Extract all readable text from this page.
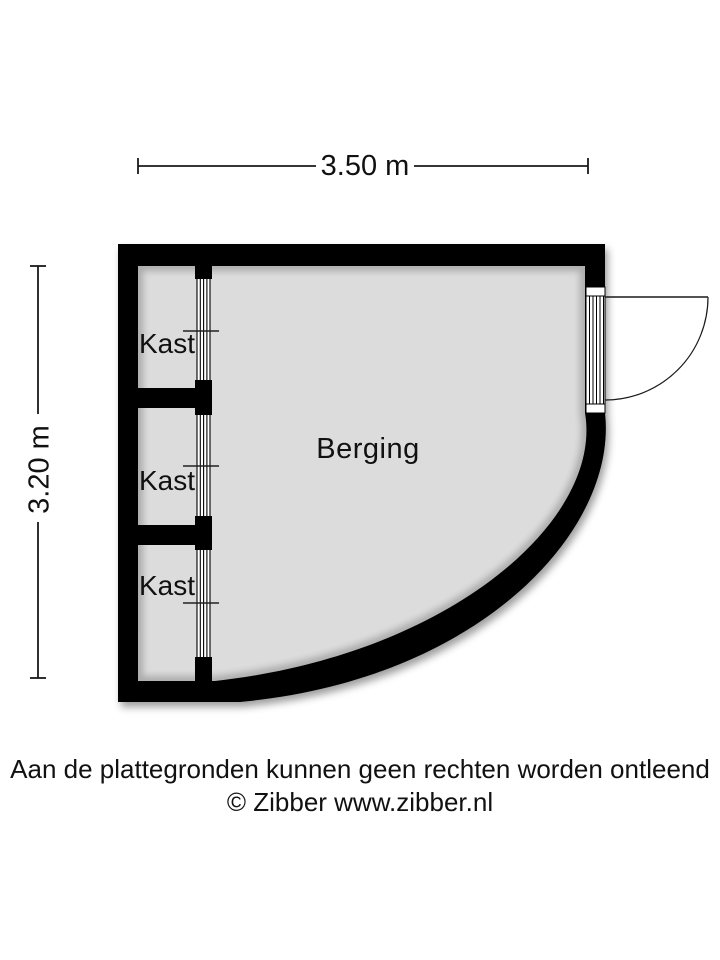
3.50 m
3.20 m	Berging
Kast
Kast
Kast
Aan de plattegronden kunnen geen rechten worden ontleend
© Zibber www.zibber.nl
